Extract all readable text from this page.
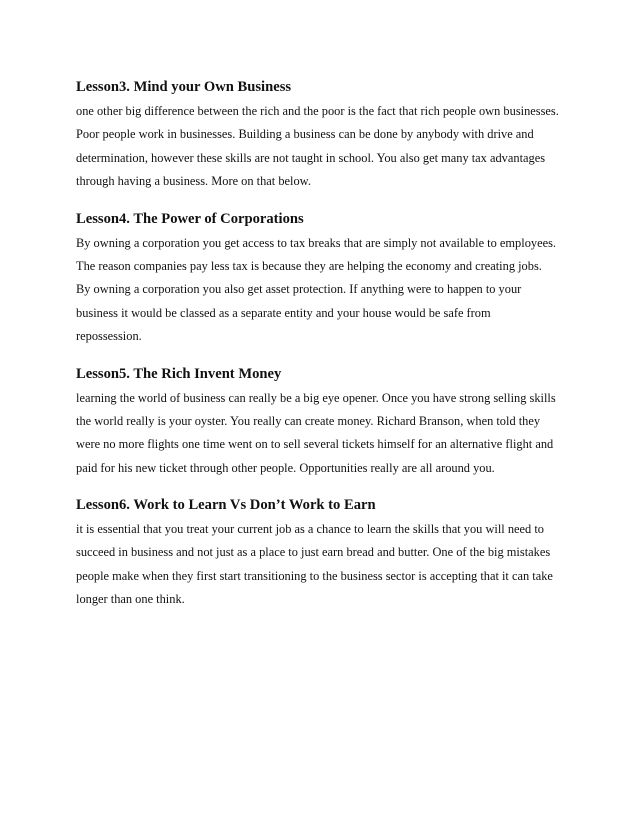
Lesson3. Mind your Own Business
one other big difference between the rich and the poor is the fact that rich people own businesses.
Poor people work in businesses. Building a business can be done by anybody with drive and
determination, however these skills are not taught in school. You also get many tax advantages
through having a business. More on that below.
Lesson4. The Power of Corporations
By owning a corporation you get access to tax breaks that are simply not available to employees.
The reason companies pay less tax is because they are helping the economy and creating jobs.
By owning a corporation you also get asset protection. If anything were to happen to your
business it would be classed as a separate entity and your house would be safe from
repossession.
Lesson5. The Rich Invent Money
learning the world of business can really be a big eye opener. Once you have strong selling skills
the world really is your oyster. You really can create money. Richard Branson, when told they
were no more flights one time went on to sell several tickets himself for an alternative flight and
paid for his new ticket through other people. Opportunities really are all around you.
Lesson6. Work to Learn Vs Don’t Work to Earn
it is essential that you treat your current job as a chance to learn the skills that you will need to
succeed in business and not just as a place to just earn bread and butter. One of the big mistakes
people make when they first start transitioning to the business sector is accepting that it can take
longer than one think.
